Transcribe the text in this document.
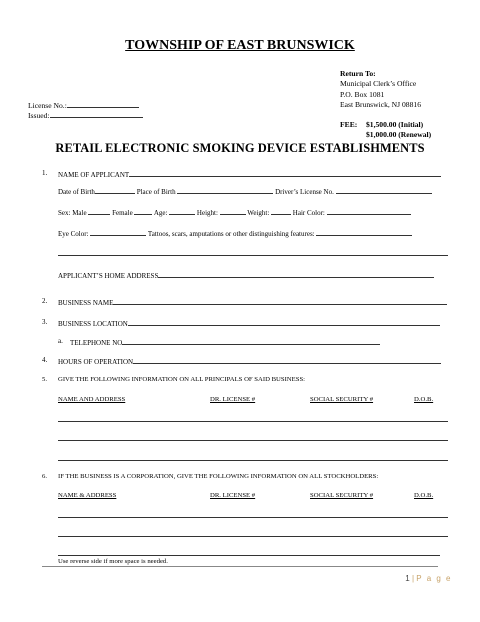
TOWNSHIP OF EAST BRUNSWICK
Return To:
Municipal Clerk’s Office
P.O. Box 1081
East Brunswick, NJ 08816
License No.:
Issued:
FEE: $1,500.00 (Initial)
$1,000.00 (Renewal)
RETAIL ELECTRONIC SMOKING DEVICE ESTABLISHMENTS
1. NAME OF APPLICANT
Date of Birth	Place of Birth	Driver’s License No.
Sex: Male	Female	Age:	Height:	Weight:	Hair Color:
Eye Color:	Tattoos, scars, amputations or other distinguishing features:
APPLICANT’S HOME ADDRESS
2. BUSINESS NAME
3. BUSINESS LOCATION
a. TELEPHONE NO
4. HOURS OF OPERATION
5. GIVE THE FOLLOWING INFORMATION ON ALL PRINCIPALS OF SAID BUSINESS:
NAME AND ADDRESS	DR. LICENSE #	SOCIAL SECURITY #	D.O.B.
6. IF THE BUSINESS IS A CORPORATION, GIVE THE FOLLOWING INFORMATION ON ALL STOCKHOLDERS:
NAME & ADDRESS	DR. LICENSE #	SOCIAL SECURITY #	D.O.B.
Use reverse side if more space is needed.
1 | P a g e
